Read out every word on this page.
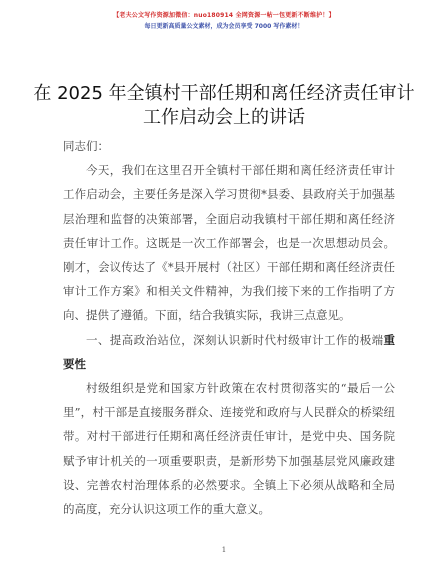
【老夫公文写作资源加微信：nuo180914 全网资源一帖一包更新不断维护！】
每日更新高质量公文素材，成为会员享受 7000 写作素材！
在 2025 年全镇村干部任期和离任经济责任审计
工作启动会上的讲话

同志们：

今天，我们在这里召开全镇村干部任期和离任经济责任审计工作启动会，主要任务是深入学习贯彻*县委、县政府关于加强基层治理和监督的决策部署，全面启动我镇村干部任期和离任经济责任审计工作。这既是一次工作部署会，也是一次思想动员会。刚才，会议传达了《*县开展村（社区）干部任期和离任经济责任审计工作方案》和相关文件精神，为我们接下来的工作指明了方向、提供了遵循。下面，结合我镇实际，我讲三点意见。

一、提高政治站位，深刻认识新时代村级审计工作的极端重要性

村级组织是党和国家方针政策在农村贯彻落实的“最后一公里”，村干部是直接服务群众、连接党和政府与人民群众的桥梁纽带。对村干部进行任期和离任经济责任审计，是党中央、国务院赋予审计机关的一项重要职责，是新形势下加强基层党风廉政建设、完善农村治理体系的必然要求。全镇上下必须从战略和全局的高度，充分认识这项工作的重大意义。

1
